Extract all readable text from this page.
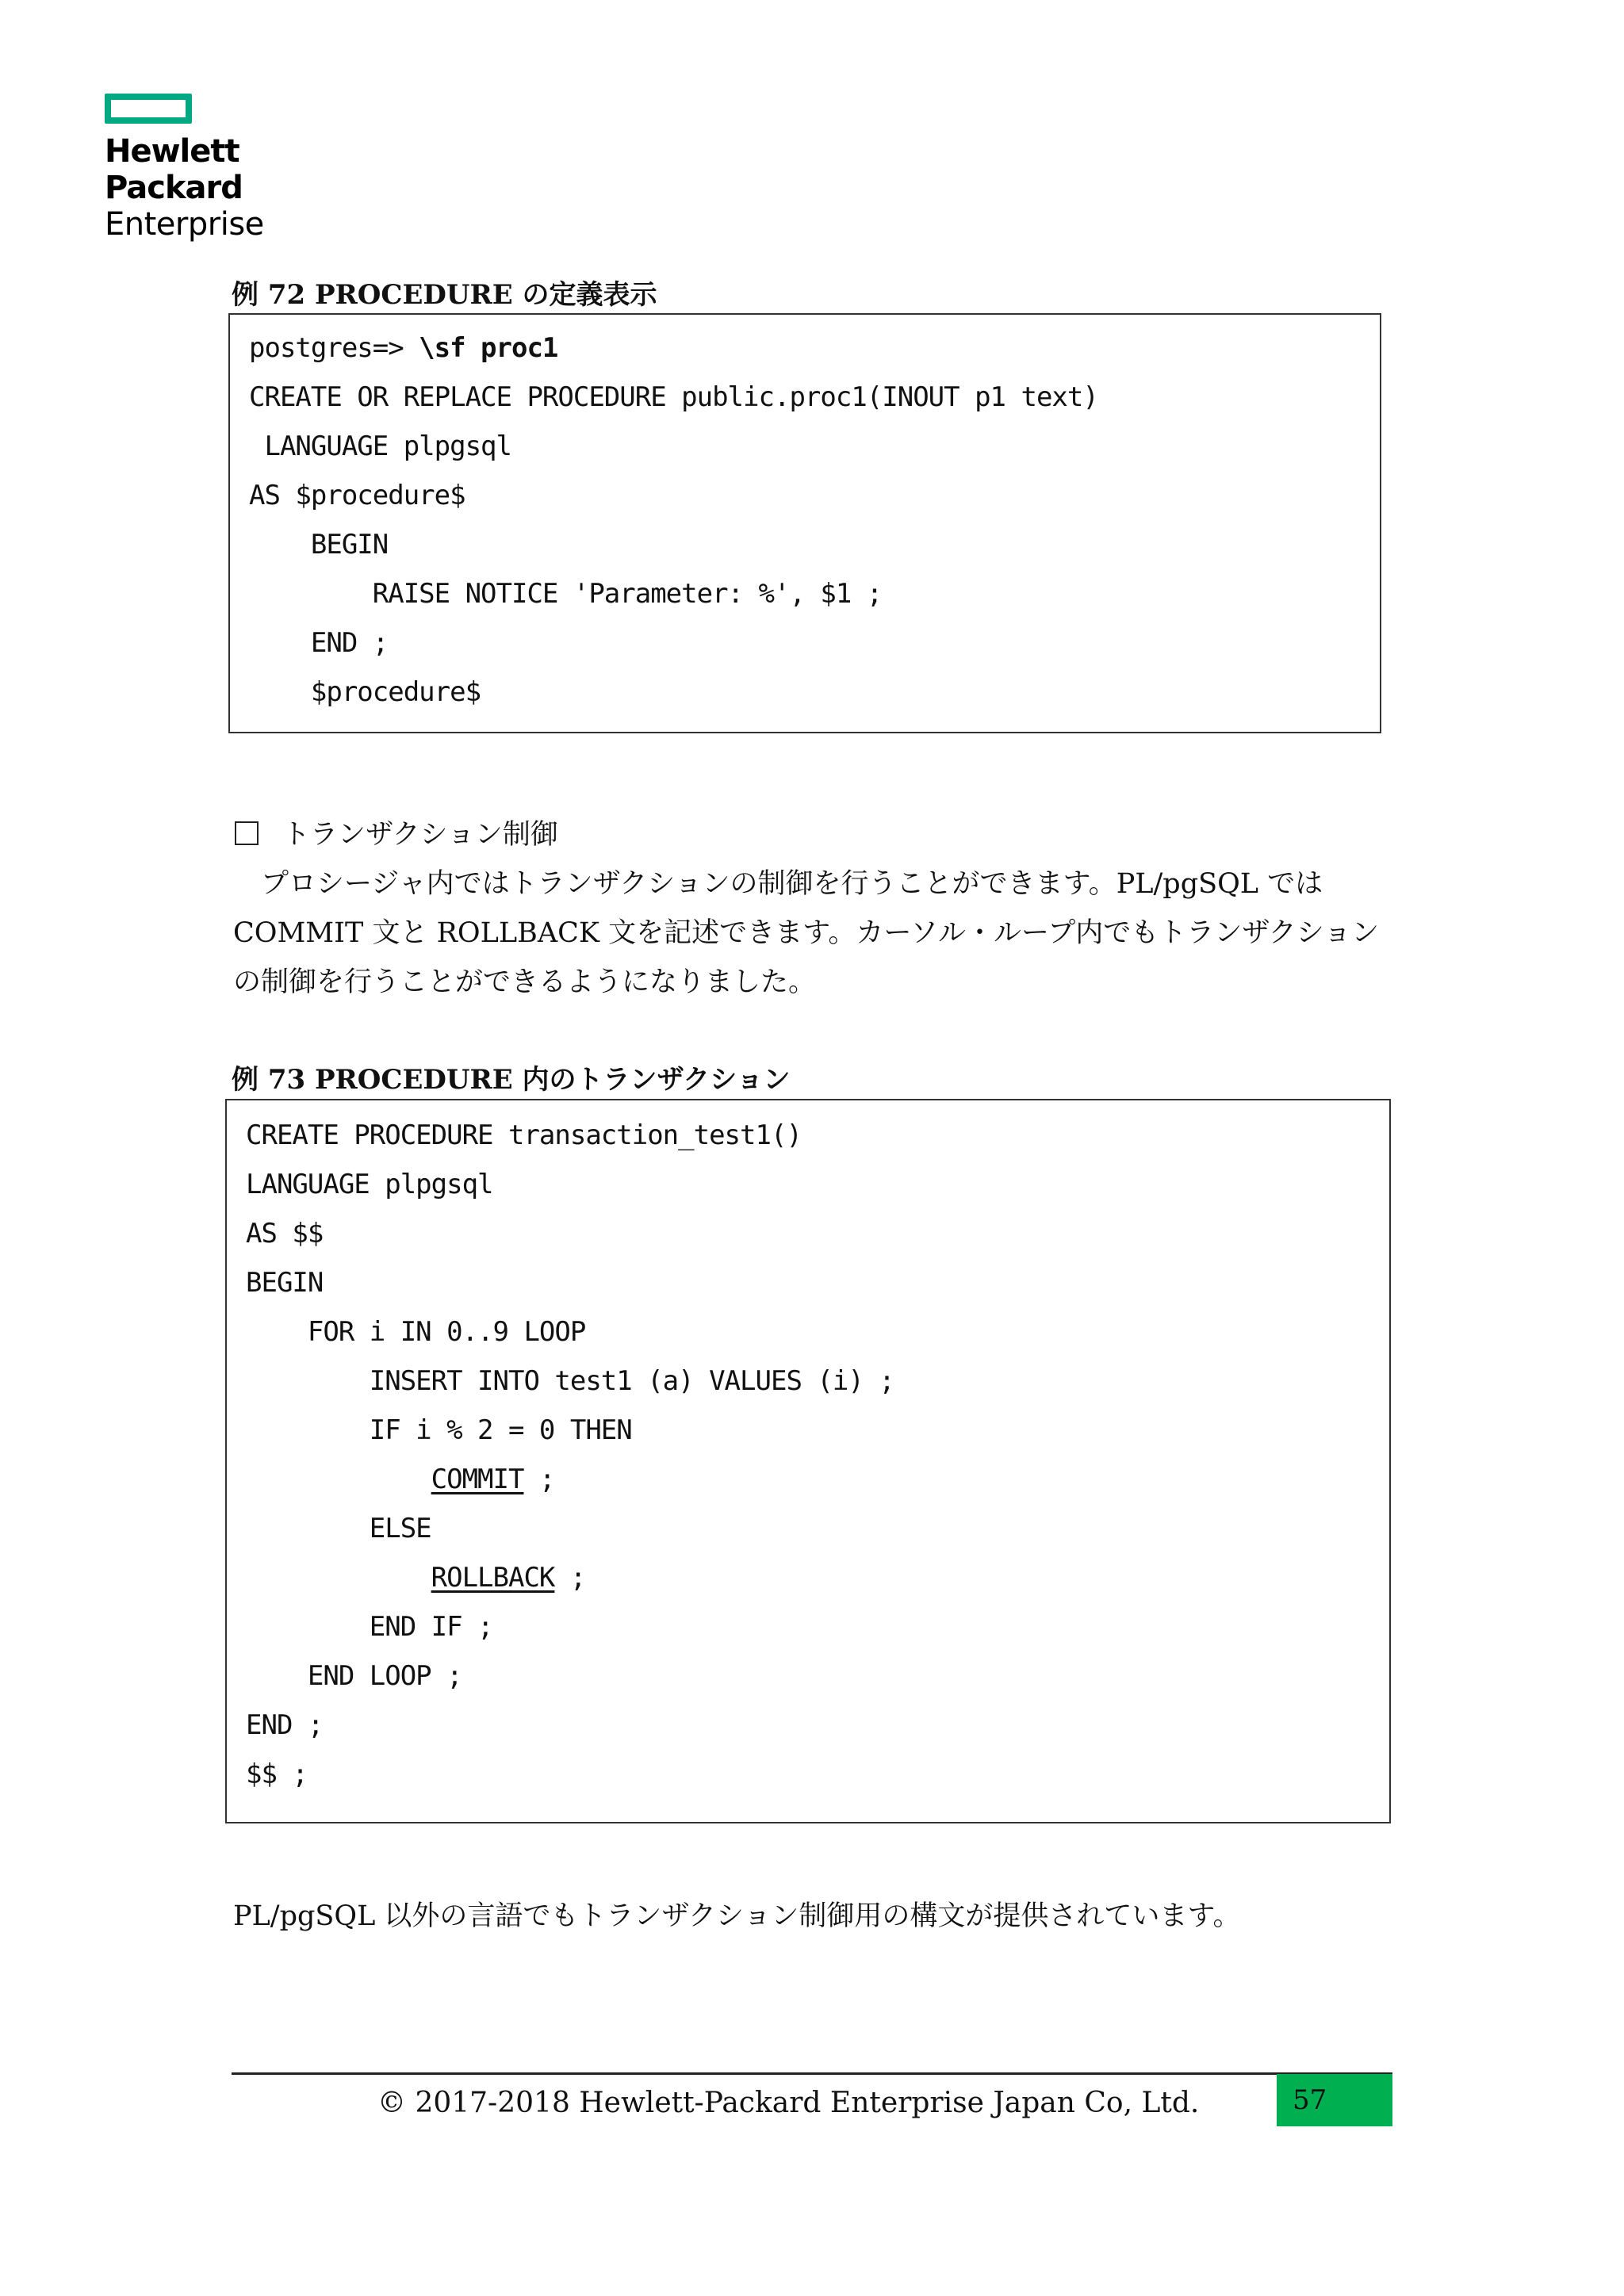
Hewlett Packard
Enterprise
例 72 PROCEDURE の定義表示
postgres=> \sf proc1
CREATE OR REPLACE PROCEDURE public.proc1(INOUT p1 text)
LANGUAGE plpgsql
AS $procedure$
BEGIN
RAISE NOTICE 'Parameter: %', $1 ;
END ;
$procedure$
トランザクション制御
　プロシージャ内ではトランザクションの制御を行うことができます。PL/pgSQL では
COMMIT 文と ROLLBACK 文を記述できます。カーソル・ループ内でもトランザクション
の制御を行うことができるようになりました。
例 73 PROCEDURE 内のトランザクション
CREATE PROCEDURE transaction_test1()
LANGUAGE plpgsql
AS $$
BEGIN
FOR i IN 0..9 LOOP
INSERT INTO test1 (a) VALUES (i) ;
IF i % 2 = 0 THEN
COMMIT ;
ELSE
ROLLBACK ;
END IF ;
END LOOP ;
END ;
$$ ;
PL/pgSQL 以外の言語でもトランザクション制御用の構文が提供されています。
© 2017-2018 Hewlett-Packard Enterprise Japan Co, Ltd.	57
